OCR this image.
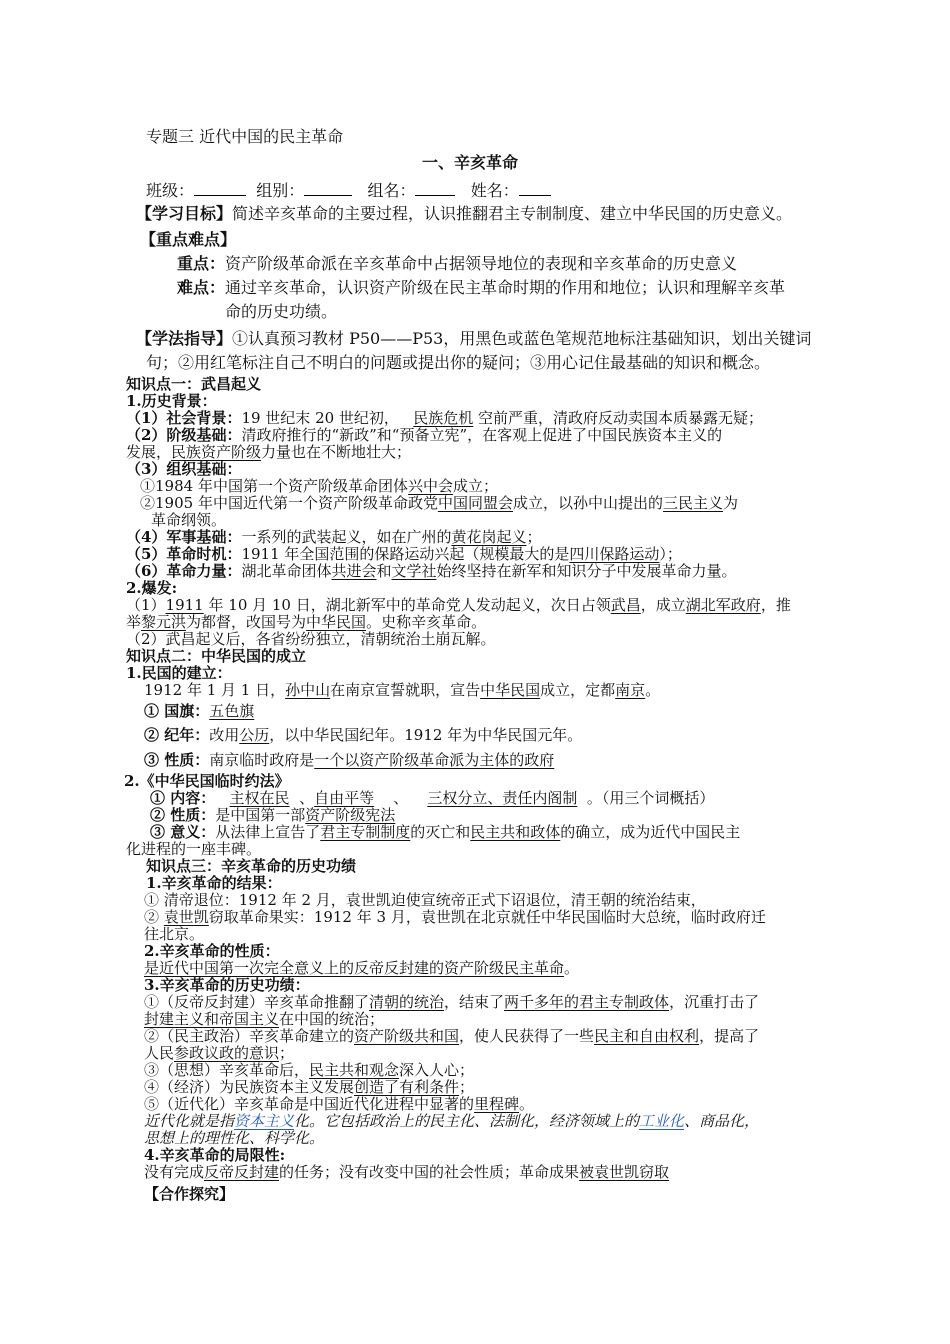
专题三 近代中国的民主革命
一、辛亥革命
班级：	组别：	组名：	姓名：
【学习目标】简述辛亥革命的主要过程，认识推翻君主专制制度、建立中华民国的历史意义。
【重点难点】
重点：资产阶级革命派在辛亥革命中占据领导地位的表现和辛亥革命的历史意义
难点：通过辛亥革命，认识资产阶级在民主革命时期的作用和地位；认识和理解辛亥革
命的历史功绩。
【学法指导】①认真预习教材 P50——P53，用黑色或蓝色笔规范地标注基础知识，划出关键词
句；②用红笔标注自己不明白的问题或提出你的疑问；③用心记住最基础的知识和概念。
知识点一：武昌起义
1.历史背景：
（1）社会背景：19 世纪末 20 世纪初， 民族危机 空前严重，清政府反动卖国本质暴露无疑；
（2）阶级基础：清政府推行的“新政”和“预备立宪”，在客观上促进了中国民族资本主义的
发展，民族资产阶级力量也在不断地壮大；
（3）组织基础：
①1984 年中国第一个资产阶级革命团体兴中会成立；
②1905 年中国近代第一个资产阶级革命政党中国同盟会成立，以孙中山提出的三民主义为
革命纲领。
（4）军事基础：一系列的武装起义，如在广州的黄花岗起义；
（5）革命时机：1911 年全国范围的保路运动兴起（规模最大的是四川保路运动）；
（6）革命力量：湖北革命团体共进会和文学社始终坚持在新军和知识分子中发展革命力量。
2.爆发:
（1）1911 年 10 月 10 日，湖北新军中的革命党人发动起义，次日占领武昌，成立湖北军政府，推
举黎元洪为都督，改国号为中华民国。史称辛亥革命。
（2）武昌起义后，各省纷纷独立，清朝统治土崩瓦解。
知识点二：中华民国的成立
1.民国的建立：
1912 年 1 月 1 日，孙中山在南京宣誓就职，宣告中华民国成立，定都南京。
① 国旗：五色旗
② 纪年：改用公历，以中华民国纪年。1912 年为中华民国元年。
③ 性质：南京临时政府是一个以资产阶级革命派为主体的政府
2.《中华民国临时约法》
① 内容： 主权在民 、自由平等 、 三权分立、责任内阁制 。（用三个词概括）
② 性质：是中国第一部资产阶级宪法
③ 意义：从法律上宣告了君主专制制度的灭亡和民主共和政体的确立，成为近代中国民主
化进程的一座丰碑。
知识点三：辛亥革命的历史功绩
1.辛亥革命的结果：
① 清帝退位：1912 年 2 月，袁世凯迫使宣统帝正式下诏退位，清王朝的统治结束，
② 袁世凯窃取革命果实：1912 年 3 月，袁世凯在北京就任中华民国临时大总统，临时政府迁
往北京。
2.辛亥革命的性质：
是近代中国第一次完全意义上的反帝反封建的资产阶级民主革命。
3.辛亥革命的历史功绩：
①（反帝反封建）辛亥革命推翻了清朝的统治，结束了两千多年的君主专制政体，沉重打击了
封建主义和帝国主义在中国的统治；
②（民主政治）辛亥革命建立的资产阶级共和国，使人民获得了一些民主和自由权利，提高了
人民参政议政的意识；
③（思想）辛亥革命后，民主共和观念深入人心；
④（经济）为民族资本主义发展创造了有利条件；
⑤（近代化）辛亥革命是中国近代化进程中显著的里程碑。
近代化就是指资本主义化。它包括政治上的民主化、法制化，经济领域上的工业化、商品化，
思想上的理性化、科学化。
4.辛亥革命的局限性:
没有完成反帝反封建的任务；没有改变中国的社会性质；革命成果被袁世凯窃取
【合作探究】
